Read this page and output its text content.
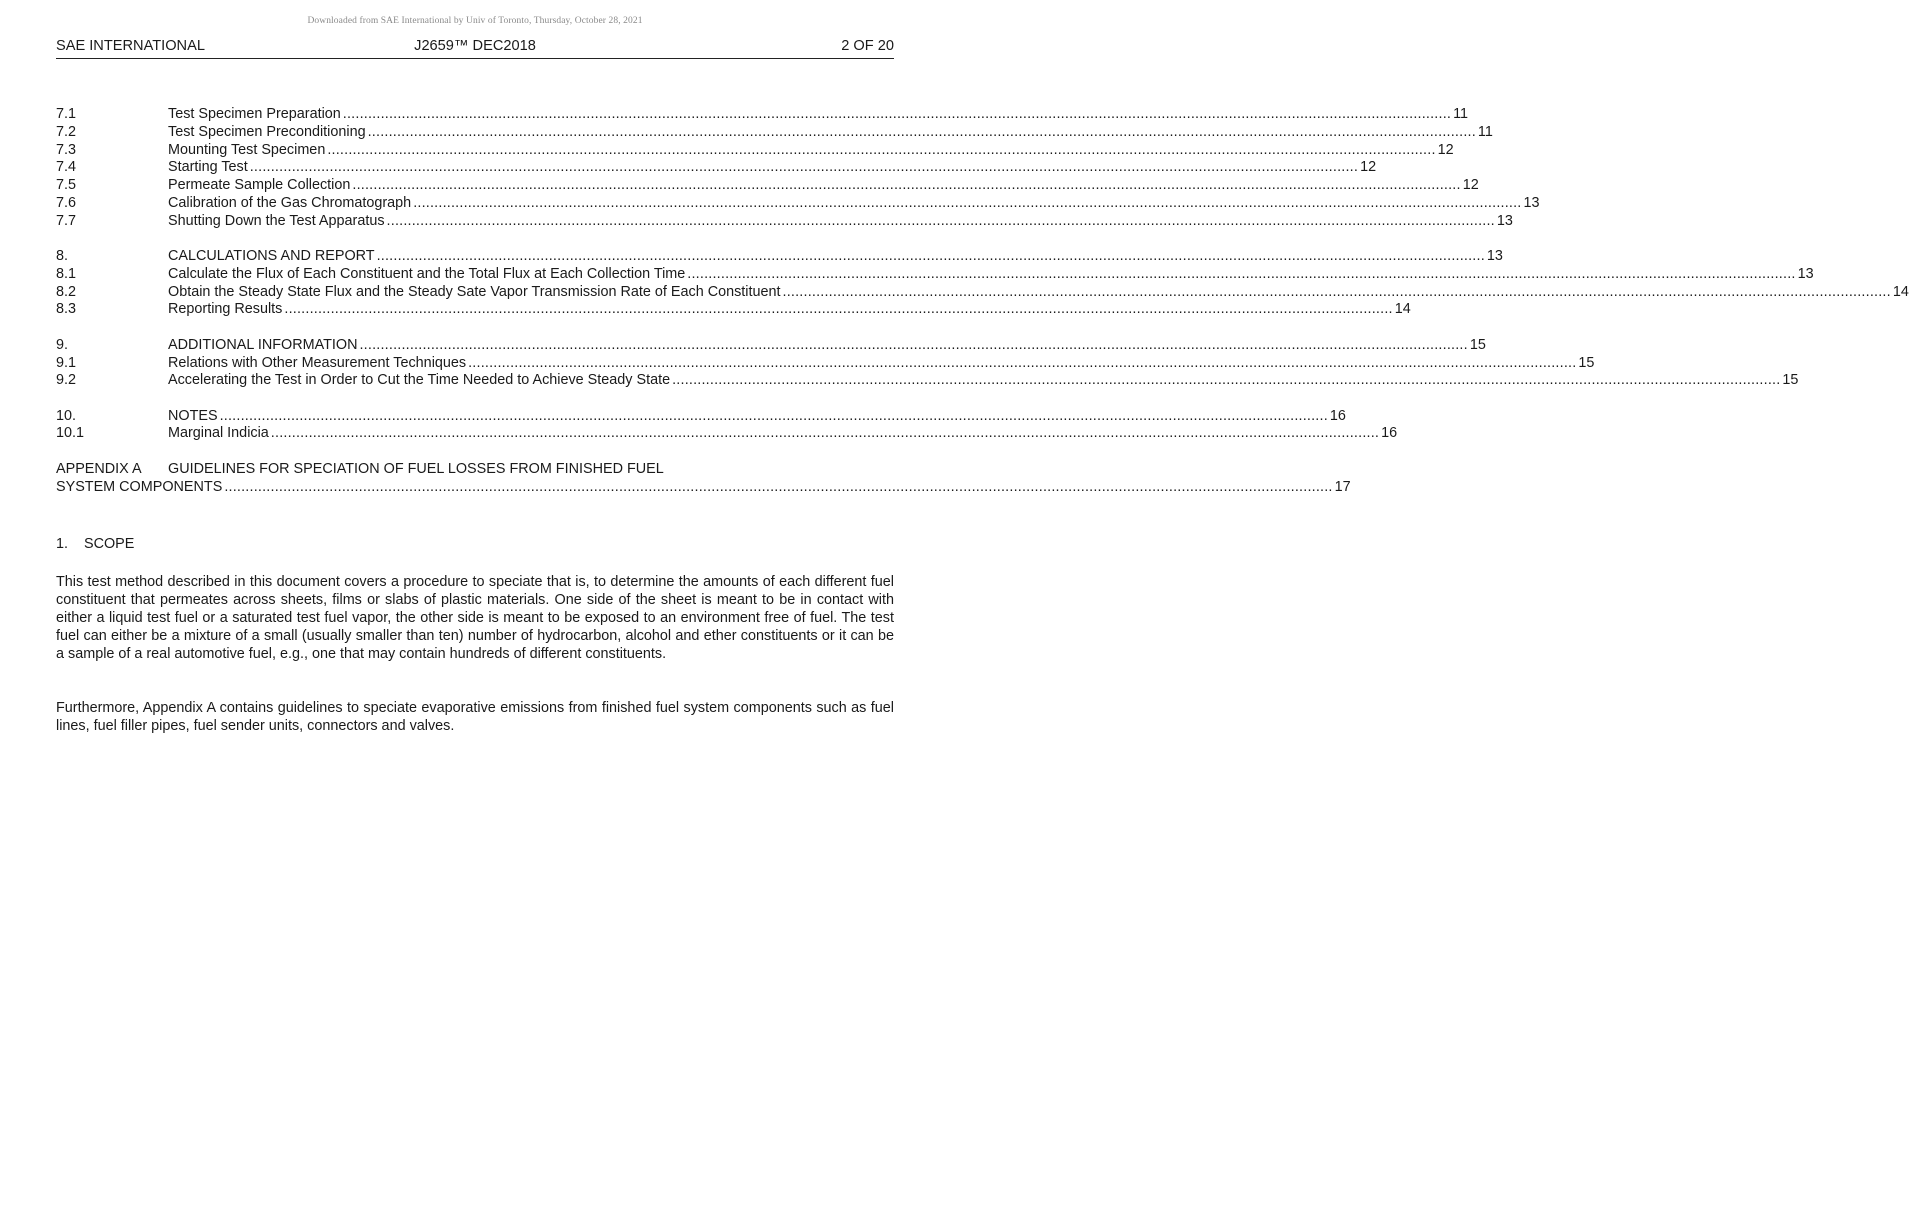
Downloaded from SAE International by Univ of Toronto, Thursday, October 28, 2021
J2659™ DEC2018
SAE INTERNATIONAL	2 OF 20
7.1	Test Specimen Preparation .....	11
7.2	Test Specimen Preconditioning .....	11
7.3	Mounting Test Specimen .....	12
7.4	Starting Test .....	12
7.5	Permeate Sample Collection .....	12
7.6	Calibration of the Gas Chromatograph .....	13
7.7	Shutting Down the Test Apparatus .....	13
8.	CALCULATIONS AND REPORT .....	13
8.1	Calculate the Flux of Each Constituent and the Total Flux at Each Collection Time .....	13
8.2	Obtain the Steady State Flux and the Steady Sate Vapor Transmission Rate of Each Constituent .....	14
8.3	Reporting Results .....	14
9.	ADDITIONAL INFORMATION .....	15
9.1	Relations with Other Measurement Techniques .....	15
9.2	Accelerating the Test in Order to Cut the Time Needed to Achieve Steady State .....	15
10.	NOTES .....	16
10.1	Marginal Indicia .....	16
APPENDIX A	GUIDELINES FOR SPECIATION OF FUEL LOSSES FROM FINISHED FUEL
SYSTEM COMPONENTS .....	17
1. SCOPE

This test method described in this document covers a procedure to speciate that is, to determine the amounts of each different fuel constituent that permeates across sheets, films or slabs of plastic materials. One side of the sheet is meant to be in contact with either a liquid test fuel or a saturated test fuel vapor, the other side is meant to be exposed to an environment free of fuel. The test fuel can either be a mixture of a small (usually smaller than ten) number of hydrocarbon, alcohol and ether constituents or it can be a sample of a real automotive fuel, e.g., one that may contain hundreds of different constituents.

Furthermore, Appendix A contains guidelines to speciate evaporative emissions from finished fuel system components such as fuel lines, fuel filler pipes, fuel sender units, connectors and valves.
